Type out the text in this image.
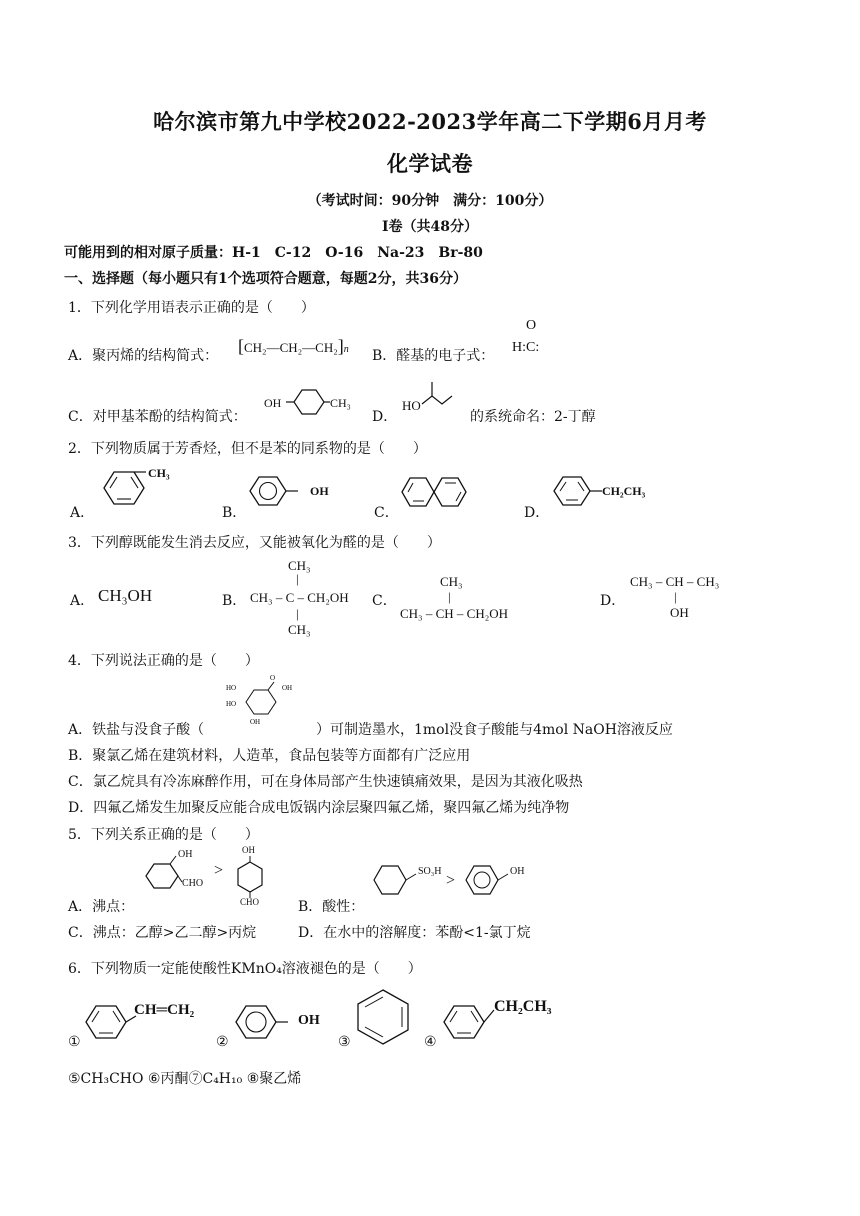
哈尔滨市第九中学校2022-2023学年高二下学期6月月考
化学试卷
（考试时间：90分钟　满分：100分）
Ⅰ卷（共48分）
可能用到的相对原子质量：H-1　C-12　O-16　Na-23　Br-80
一、选择题（每小题只有1个选项符合题意，每题2分，共36分）
1．下列化学用语表示正确的是（　　）
A．聚丙烯的结构简式： [CH₂—CH₂—CH₂]n B．醛基的电子式：
O
H:C:
C．对甲基苯酚的结构简式：
OH	CH₃
D．
HO
的系统命名：2-丁醇
2．下列物质属于芳香烃，但不是苯的同系物的是（　　）
A．
CH₃
B．
OH
C．	D．
CH₂CH₃
3．下列醇既能发生消去反应，又能被氧化为醛的是（　　）
A． CH₃OH	B．
CH₃
|
CH₃ – C – CH₂OH
|
CH₃
C．
CH₃
|
CH₃ – CH – CH₂OH
D．
CH₃ – CH – CH₃
|
OH
4．下列说法正确的是（　　）
OH
O
HO
HO
OH
A．铁盐与没食子酸（	）可制造墨水，1mol没食子酸能与4mol NaOH溶液反应
B．聚氯乙烯在建筑材料，人造革，食品包装等方面都有广泛应用
C．氯乙烷具有冷冻麻醉作用，可在身体局部产生快速镇痛效果，是因为其液化吸热
D．四氟乙烯发生加聚反应能合成电饭锅内涂层聚四氟乙烯，聚四氟乙烯为纯净物
5．下列关系正确的是（　　）
OH
CHO
>
OH
CHO
A．沸点：	B．酸性：
SO₃H
>
OH
C．沸点：乙醇>乙二醇>丙烷	D．在水中的溶解度：苯酚<1-氯丁烷
6．下列物质一定能使酸性KMnO₄溶液褪色的是（　　）
①
CH═CH₂
②
OH
③	④
CH₂CH₃
⑤CH₃CHO ⑥丙酮⑦C₄H₁₀ ⑧聚乙烯
